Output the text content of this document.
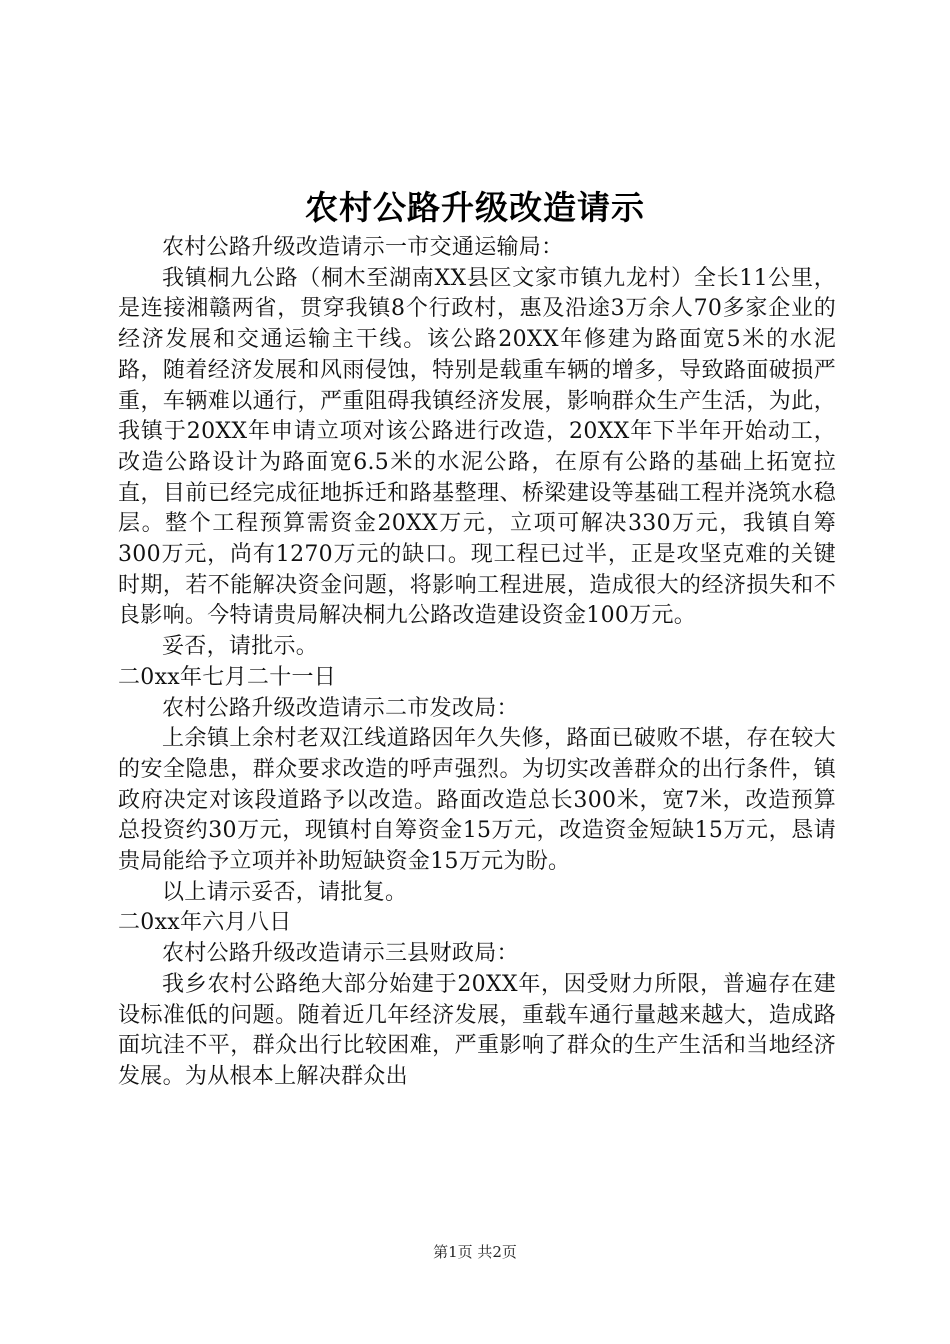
农村公路升级改造请示

农村公路升级改造请示一市交通运输局：

我镇桐九公路（桐木至湖南XX县区文家市镇九龙村）全长11公里，是连接湘赣两省，贯穿我镇8个行政村，惠及沿途3万余人70多家企业的经济发展和交通运输主干线。该公路20XX年修建为路面宽5米的水泥路，随着经济发展和风雨侵蚀，特别是载重车辆的增多，导致路面破损严重，车辆难以通行，严重阻碍我镇经济发展，影响群众生产生活，为此，我镇于20XX年申请立项对该公路进行改造，20XX年下半年开始动工，改造公路设计为路面宽6.5米的水泥公路，在原有公路的基础上拓宽拉直，目前已经完成征地拆迁和路基整理、桥梁建设等基础工程并浇筑水稳层。整个工程预算需资金20XX万元，立项可解决330万元，我镇自筹300万元，尚有1270万元的缺口。现工程已过半，正是攻坚克难的关键时期，若不能解决资金问题，将影响工程进展，造成很大的经济损失和不良影响。今特请贵局解决桐九公路改造建设资金100万元。

妥否，请批示。

二0xx年七月二十一日

农村公路升级改造请示二市发改局：

上余镇上余村老双江线道路因年久失修，路面已破败不堪，存在较大的安全隐患，群众要求改造的呼声强烈。为切实改善群众的出行条件，镇政府决定对该段道路予以改造。路面改造总长300米，宽7米，改造预算总投资约30万元，现镇村自筹资金15万元，改造资金短缺15万元，恳请贵局能给予立项并补助短缺资金15万元为盼。

以上请示妥否，请批复。

二0xx年六月八日

农村公路升级改造请示三县财政局：

我乡农村公路绝大部分始建于20XX年，因受财力所限，普遍存在建设标准低的问题。随着近几年经济发展，重载车通行量越来越大，造成路面坑洼不平，群众出行比较困难，严重影响了群众的生产生活和当地经济发展。为从根本上解决群众出

第1页 共2页
